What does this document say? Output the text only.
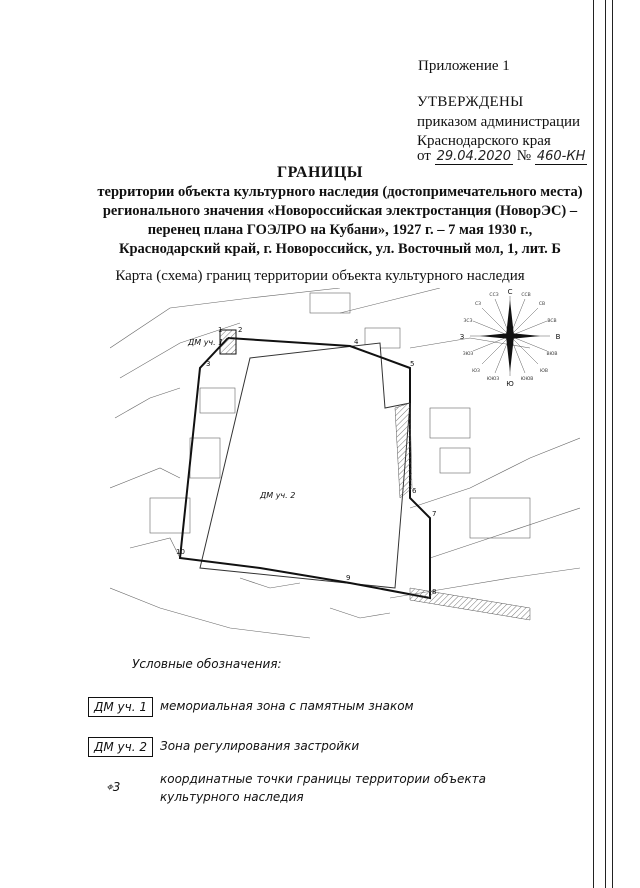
Приложение 1
УТВЕРЖДЕНЫ
приказом администрации
Краснодарского края
от 29.04.2020 № 460-КН
ГРАНИЦЫ
территории объекта культурного наследия (достопримечательного места)
регионального значения «Новороссийская электростанция (НоворЭС) –
перенец плана ГОЭЛРО на Кубани», 1927 г. – 7 мая 1930 г.,
Краснодарский край, г. Новороссийск, ул. Восточный мол, 1, лит. Б
Карта (схема) границ территории объекта культурного наследия
ДМ уч. 1
ДМ уч. 2
1 2
3
4
5
6
7
8
9
10
С
Ю
В
З
СВ
СЗ
ЮВ
ЮЗ
ССВ
ССЗ
ЮЮВ
ЮЮЗ
ВСВ
ЗСЗ
ВЮВ
ЗЮЗ
Условные обозначения:
ДМ уч. 1	мемориальная зона с памятным знаком
ДМ уч. 2	Зона регулирования застройки
⌖3
координатные точки границы территории объекта
культурного наследия
